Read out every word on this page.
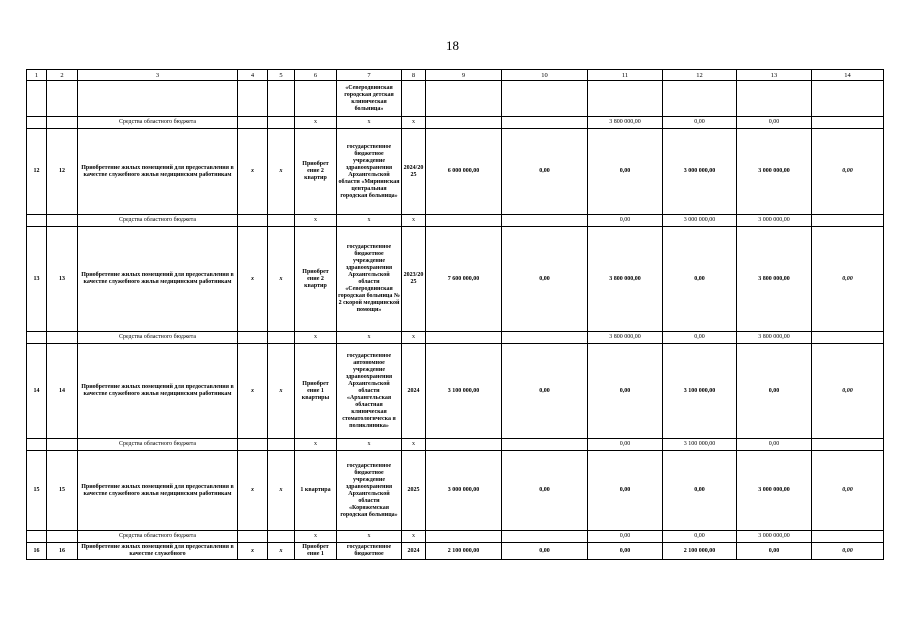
18
1	2	3	4	5	6	7	8	9	10	11	12	13	14
						«Северодвинская городская детская клиническая больница»							
		Средства областного бюджета			х	х	х			3 800 000,00	0,00	0,00	
12	12	Приобретение жилых помещений для предоставления в качестве служебного жилья медицинским работникам	х	х	Приобрет ение 2 квартир	государственное бюджетное учреждение здравоохранения Архангельской области «Мирнинская центральная городская больница»	2024/20 25	6 000 000,00	0,00	0,00	3 000 000,00	3 000 000,00	0,00
		Средства областного бюджета			х	х	х			0,00	3 000 000,00	3 000 000,00	
13	13	Приобретение жилых помещений для предоставления в качестве служебного жилья медицинским работникам	х	х	Приобрет ение 2 квартир	государственное бюджетное учреждение здравоохранения Архангельской области «Северодвинская городская больница № 2 скорой медицинской помощи»	2023/20 25	7 600 000,00	0,00	3 800 000,00	0,00	3 800 000,00	0,00
		Средства областного бюджета			х	х	х			3 800 000,00	0,00	3 800 000,00	
14	14	Приобретение жилых помещений для предоставления в качестве служебного жилья медицинским работникам	х	х	Приобрет ение 1 квартиры	государственное автономное учреждение здравоохранения Архангельской области «Архангельская областная клиническая стоматологическа я поликлиника»	2024	3 100 000,00	0,00	0,00	3 100 000,00	0,00	0,00
		Средства областного бюджета			х	х	х			0,00	3 100 000,00	0,00	
15	15	Приобретение жилых помещений для предоставления в качестве служебного жилья медицинским работникам	х	х	1 квартира	государственное бюджетное учреждение здравоохранения Архангельской области «Коряжемская городская больница»	2025	3 000 000,00	0,00	0,00	0,00	3 000 000,00	0,00
		Средства областного бюджета			х	х	х			0,00	0,00	3 000 000,00	
16	16	Приобретение жилых помещений для предоставления в качестве служебного	х	х	Приобрет ение 1	государственное бюджетное	2024	2 100 000,00	0,00	0,00	2 100 000,00	0,00	0,00
